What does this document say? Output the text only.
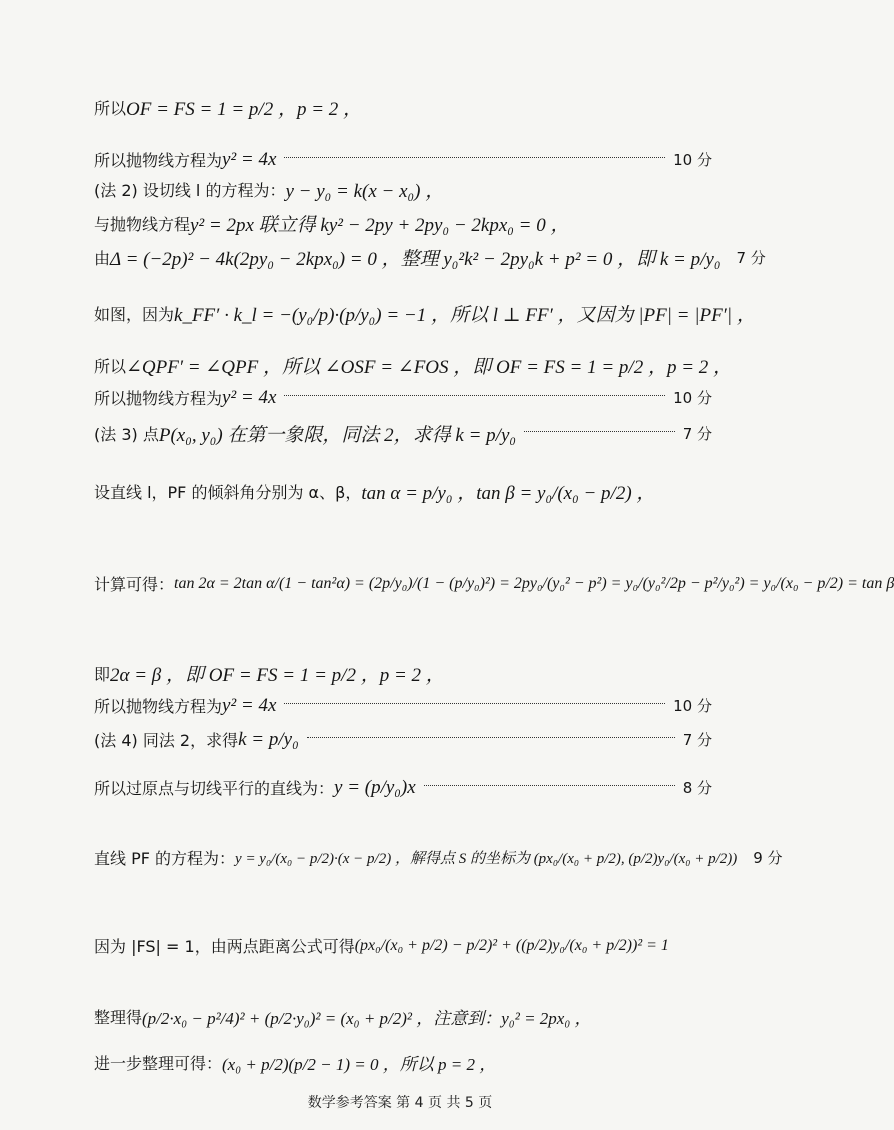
所以 OF = FS = 1 = p/2 ，p = 2 ，
所以抛物线方程为 y² = 4x	10 分
(法 2) 设切线 l 的方程为： y − y₀ = k(x − x₀) ，
与抛物线方程 y² = 2px 联立得 ky² − 2py + 2py₀ − 2kpx₀ = 0 ，
由 Δ = (−2p)² − 4k(2py₀ − 2kpx₀) = 0 ，整理 y₀²k² − 2py₀k + p² = 0 ，即 k = p/y₀ 7 分
如图，因为 k_FF′ · k_l = −(y₀/p)·(p/y₀) = −1 ，所以 l ⊥ FF′ ，又因为 |PF| = |PF′| ，
所以 ∠QPF′ = ∠QPF ，所以 ∠OSF = ∠FOS ，即 OF = FS = 1 = p/2 ，p = 2 ，
所以抛物线方程为 y² = 4x	10 分
(法 3) 点 P(x₀, y₀) 在第一象限，同法 2，求得 k = p/y₀	7 分
设直线 l，PF 的倾斜角分别为 α、β， tan α = p/y₀ ，tan β = y₀/(x₀ − p/2) ，
计算可得： tan 2α = 2tan α/(1 − tan²α) = (2p/y₀)/(1 − (p/y₀)²) = 2py₀/(y₀² − p²) = y₀/(y₀²/2p − p²/y₀²) = y₀/(x₀ − p/2) = tan β
即 2α = β ，即 OF = FS = 1 = p/2 ，p = 2 ，
所以抛物线方程为 y² = 4x	10 分
(法 4) 同法 2，求得 k = p/y₀	7 分
所以过原点与切线平行的直线为： y = (p/y₀)x	8 分
直线 PF 的方程为： y = y₀/(x₀ − p/2)·(x − p/2) ，解得点 S 的坐标为 (px₀/(x₀ + p/2), (p/2)y₀/(x₀ + p/2)) 9 分
因为 |FS| = 1，由两点距离公式可得 (px₀/(x₀ + p/2) − p/2)² + ((p/2)y₀/(x₀ + p/2))² = 1
整理得 (p/2·x₀ − p²/4)² + (p/2·y₀)² = (x₀ + p/2)² ，注意到：y₀² = 2px₀ ，
进一步整理可得： (x₀ + p/2)(p/2 − 1) = 0 ，所以 p = 2 ，
数学参考答案 第 4 页 共 5 页
